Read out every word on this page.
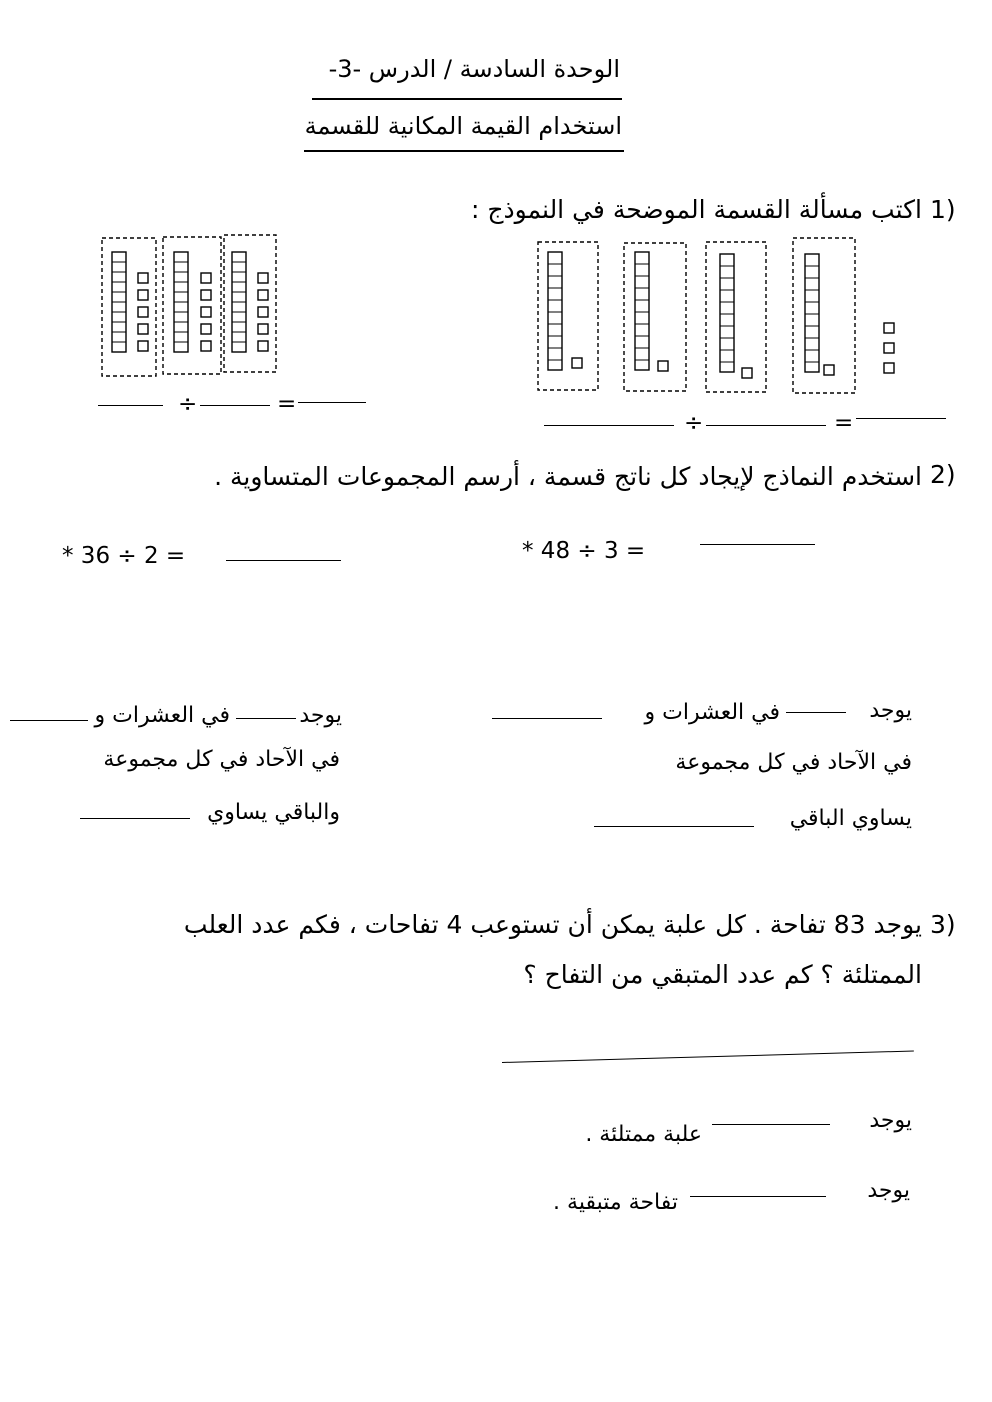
الوحدة السادسة / الدرس -3-
استخدام القيمة المكانية للقسمة
1)
اكتب مسألة القسمة الموضحة في النموذج :
÷	=
÷	=
2)
استخدم النماذج لإيجاد كل ناتج قسمة ، أرسم المجموعات المتساوية .
* 36 ÷ 2 =	* 48 ÷ 3 =
يوجد
في العشرات و
في الآحاد في كل مجموعة
والباقي يساوي
يوجد
في العشرات و
في الآحاد في كل مجموعة
يساوي الباقي
3)
يوجد 83 تفاحة . كل علبة يمكن أن تستوعب 4 تفاحات ، فكم عدد العلب
الممتلئة ؟ كم عدد المتبقي من التفاح ؟
يوجد
علبة ممتلئة .
يوجد
تفاحة متبقية .
